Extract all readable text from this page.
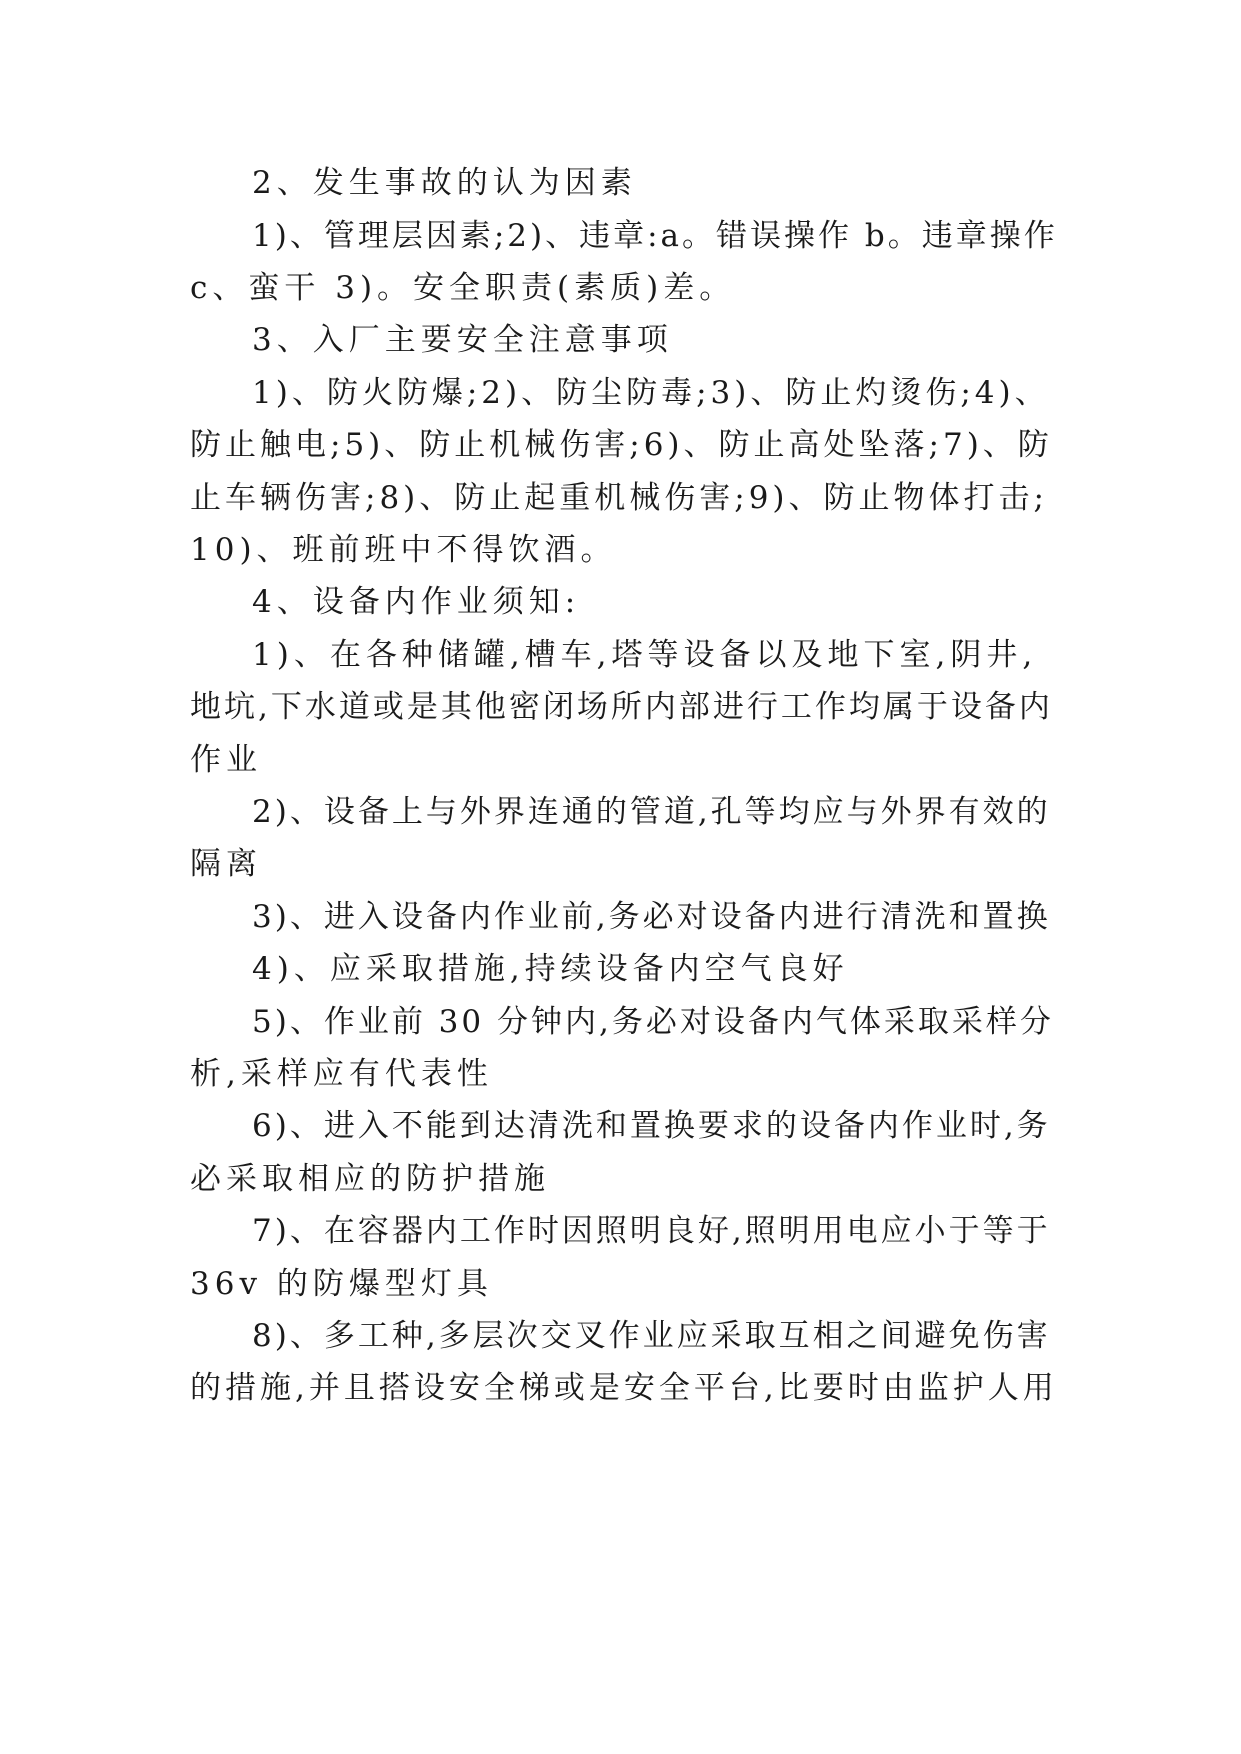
2、发生事故的认为因素
1)、管理层因素;2)、违章:a。错误操作 b。违章操作
c、蛮干 3)。安全职责(素质)差。
3、入厂主要安全注意事项
1)、防火防爆;2)、防尘防毒;3)、防止灼烫伤;4)、
防止触电;5)、防止机械伤害;6)、防止高处坠落;7)、防
止车辆伤害;8)、防止起重机械伤害;9)、防止物体打击;
10)、班前班中不得饮酒。
4、设备内作业须知:
1)、在各种储罐,槽车,塔等设备以及地下室,阴井,
地坑,下水道或是其他密闭场所内部进行工作均属于设备内
作业
2)、设备上与外界连通的管道,孔等均应与外界有效的
隔离
3)、进入设备内作业前,务必对设备内进行清洗和置换
4)、应采取措施,持续设备内空气良好
5)、作业前 30 分钟内,务必对设备内气体采取采样分
析,采样应有代表性
6)、进入不能到达清洗和置换要求的设备内作业时,务
必采取相应的防护措施
7)、在容器内工作时因照明良好,照明用电应小于等于
36v 的防爆型灯具
8)、多工种,多层次交叉作业应采取互相之间避免伤害
的措施,并且搭设安全梯或是安全平台,比要时由监护人用
